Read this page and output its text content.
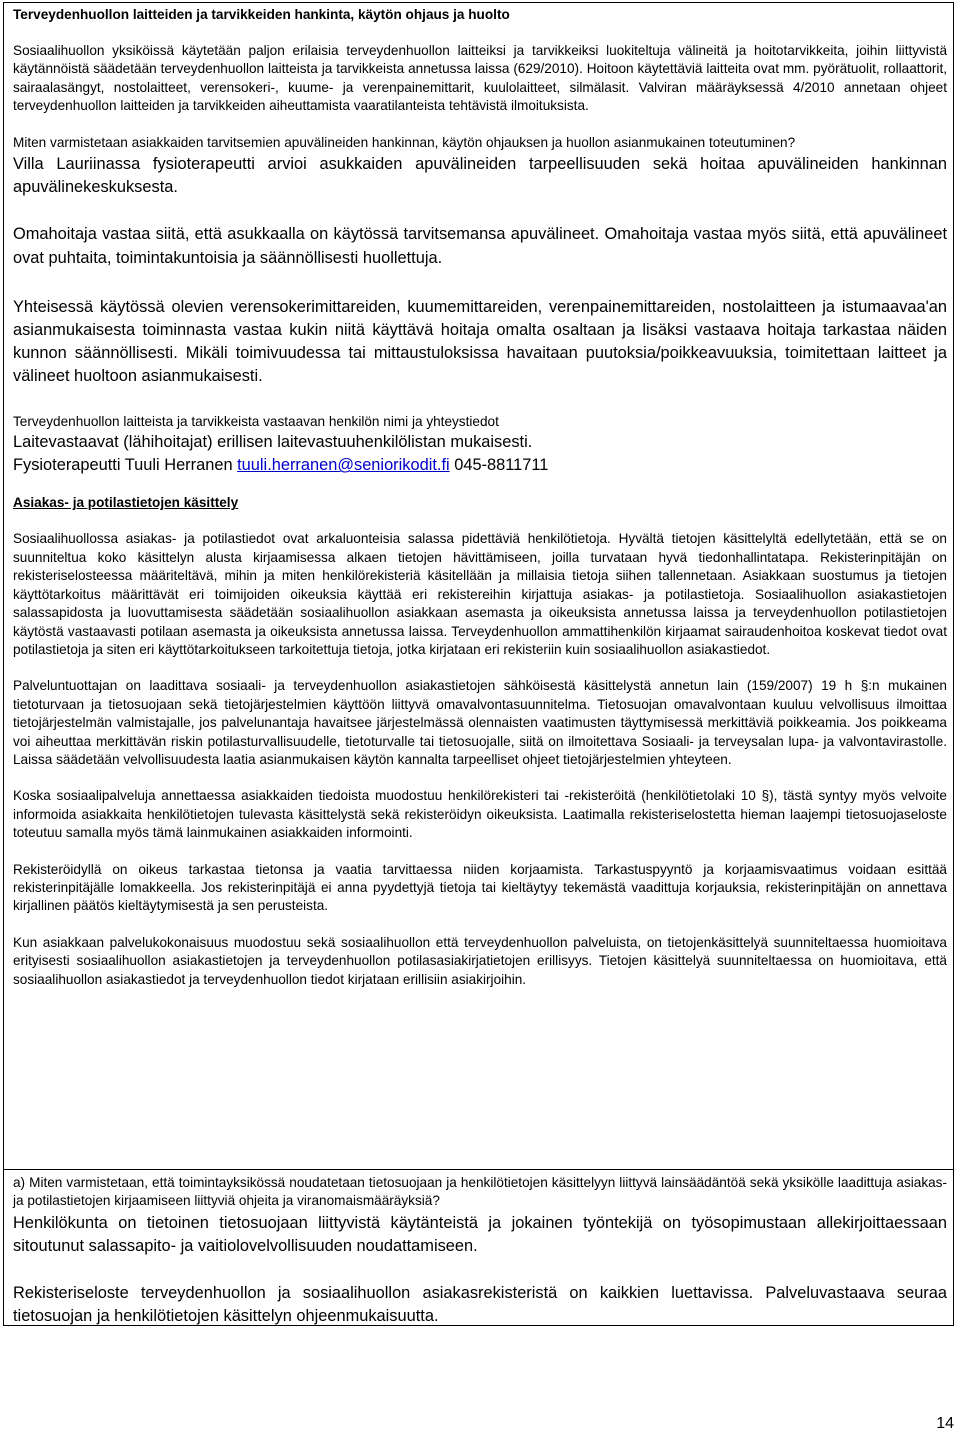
Terveydenhuollon laitteiden ja tarvikkeiden hankinta, käytön ohjaus ja huolto

Sosiaalihuollon yksiköissä käytetään paljon erilaisia terveydenhuollon laitteiksi ja tarvikkeiksi luokiteltuja välineitä ja hoitotarvikkeita, joihin liittyvistä käytännöistä säädetään terveydenhuollon laitteista ja tarvikkeista annetussa laissa (629/2010). Hoitoon käytettäviä laitteita ovat mm. pyörätuolit, rollaattorit, sairaalasängyt, nostolaitteet, verensokeri-, kuume- ja verenpainemittarit, kuulolaitteet, silmälasit. Valviran määräyksessä 4/2010 annetaan ohjeet terveydenhuollon laitteiden ja tarvikkeiden aiheuttamista vaaratilanteista tehtävistä ilmoituksista.

Miten varmistetaan asiakkaiden tarvitsemien apuvälineiden hankinnan, käytön ohjauksen ja huollon asianmukainen toteutuminen?

Villa Lauriinassa fysioterapeutti arvioi asukkaiden apuvälineiden tarpeellisuuden sekä hoitaa apuvälineiden hankinnan apuvälinekeskuksesta.

Omahoitaja vastaa siitä, että asukkaalla on käytössä tarvitsemansa apuvälineet. Omahoitaja vastaa myös siitä, että apuvälineet ovat puhtaita, toimintakuntoisia ja säännöllisesti huollettuja.

Yhteisessä käytössä olevien verensokerimittareiden, kuumemittareiden, verenpainemittareiden, nostolaitteen ja istumaavaa'an asianmukaisesta toiminnasta vastaa kukin niitä käyttävä hoitaja omalta osaltaan ja lisäksi vastaava hoitaja tarkastaa näiden kunnon säännöllisesti. Mikäli toimivuudessa tai mittaustuloksissa havaitaan puutoksia/poikkeavuuksia, toimitettaan laitteet ja välineet huoltoon asianmukaisesti.

Terveydenhuollon laitteista ja tarvikkeista vastaavan henkilön nimi ja yhteystiedot

Laitevastaavat (lähihoitajat) erillisen laitevastuuhenkilölistan mukaisesti.

Fysioterapeutti Tuuli Herranen tuuli.herranen@seniorikodit.fi 045-8811711

Asiakas- ja potilastietojen käsittely

Sosiaalihuollossa asiakas- ja potilastiedot ovat arkaluonteisia salassa pidettäviä henkilötietoja. Hyvältä tietojen käsittelyltä edellytetään, että se on suunniteltua koko käsittelyn alusta kirjaamisessa alkaen tietojen hävittämiseen, joilla turvataan hyvä tiedonhallintatapa. Rekisterinpitäjän on rekisteriselosteessa määriteltävä, mihin ja miten henkilörekisteriä käsitellään ja millaisia tietoja siihen tallennetaan. Asiakkaan suostumus ja tietojen käyttötarkoitus määrittävät eri toimijoiden oikeuksia käyttää eri rekistereihin kirjattuja asiakas- ja potilastietoja. Sosiaalihuollon asiakastietojen salassapidosta ja luovuttamisesta säädetään sosiaalihuollon asiakkaan asemasta ja oikeuksista annetussa laissa ja terveydenhuollon potilastietojen käytöstä vastaavasti potilaan asemasta ja oikeuksista annetussa laissa. Terveydenhuollon ammattihenkilön kirjaamat sairaudenhoitoa koskevat tiedot ovat potilastietoja ja siten eri käyttötarkoitukseen tarkoitettuja tietoja, jotka kirjataan eri rekisteriin kuin sosiaalihuollon asiakastiedot.

Palveluntuottajan on laadittava sosiaali- ja terveydenhuollon asiakastietojen sähköisestä käsittelystä annetun lain (159/2007) 19 h §:n mukainen tietoturvaan ja tietosuojaan sekä tietojärjestelmien käyttöön liittyvä omavalvontasuunnitelma. Tietosuojan omavalvontaan kuuluu velvollisuus ilmoittaa tietojärjestelmän valmistajalle, jos palvelunantaja havaitsee järjestelmässä olennaisten vaatimusten täyttymisessä merkittäviä poikkeamia. Jos poikkeama voi aiheuttaa merkittävän riskin potilasturvallisuudelle, tietoturvalle tai tietosuojalle, siitä on ilmoitettava Sosiaali- ja terveysalan lupa- ja valvontavirastolle. Laissa säädetään velvollisuudesta laatia asianmukaisen käytön kannalta tarpeelliset ohjeet tietojärjestelmien yhteyteen.

Koska sosiaalipalveluja annettaessa asiakkaiden tiedoista muodostuu henkilörekisteri tai -rekisteröitä (henkilötietolaki 10 §), tästä syntyy myös velvoite informoida asiakkaita henkilötietojen tulevasta käsittelystä sekä rekisteröidyn oikeuksista. Laatimalla rekisteriselostetta hieman laajempi tietosuojaseloste toteutuu samalla myös tämä lainmukainen asiakkaiden informointi.

Rekisteröidyllä on oikeus tarkastaa tietonsa ja vaatia tarvittaessa niiden korjaamista. Tarkastuspyyntö ja korjaamisvaatimus voidaan esittää rekisterinpitäjälle lomakkeella. Jos rekisterinpitäjä ei anna pyydettyjä tietoja tai kieltäytyy tekemästä vaadittuja korjauksia, rekisterinpitäjän on annettava kirjallinen päätös kieltäytymisestä ja sen perusteista.

Kun asiakkaan palvelukokonaisuus muodostuu sekä sosiaalihuollon että terveydenhuollon palveluista, on tietojenkäsittelyä suunniteltaessa huomioitava erityisesti sosiaalihuollon asiakastietojen ja terveydenhuollon potilasasiakirjatietojen erillisyys. Tietojen käsittelyä suunniteltaessa on huomioitava, että sosiaalihuollon asiakastiedot ja terveydenhuollon tiedot kirjataan erillisiin asiakirjoihin.

a) Miten varmistetaan, että toimintayksikössä noudatetaan tietosuojaan ja henkilötietojen käsittelyyn liittyvä lainsäädäntöä sekä yksikölle laadittuja asiakas- ja potilastietojen kirjaamiseen liittyviä ohjeita ja viranomaismääräyksiä?

Henkilökunta on tietoinen tietosuojaan liittyvistä käytänteistä ja jokainen työntekijä on työsopimustaan allekirjoittaessaan sitoutunut salassapito- ja vaitiolovelvollisuuden noudattamiseen.

Rekisteriseloste terveydenhuollon ja sosiaalihuollon asiakasrekisteristä on kaikkien luettavissa. Palveluvastaava seuraa tietosuojan ja henkilötietojen käsittelyn ohjeenmukaisuutta.

14
